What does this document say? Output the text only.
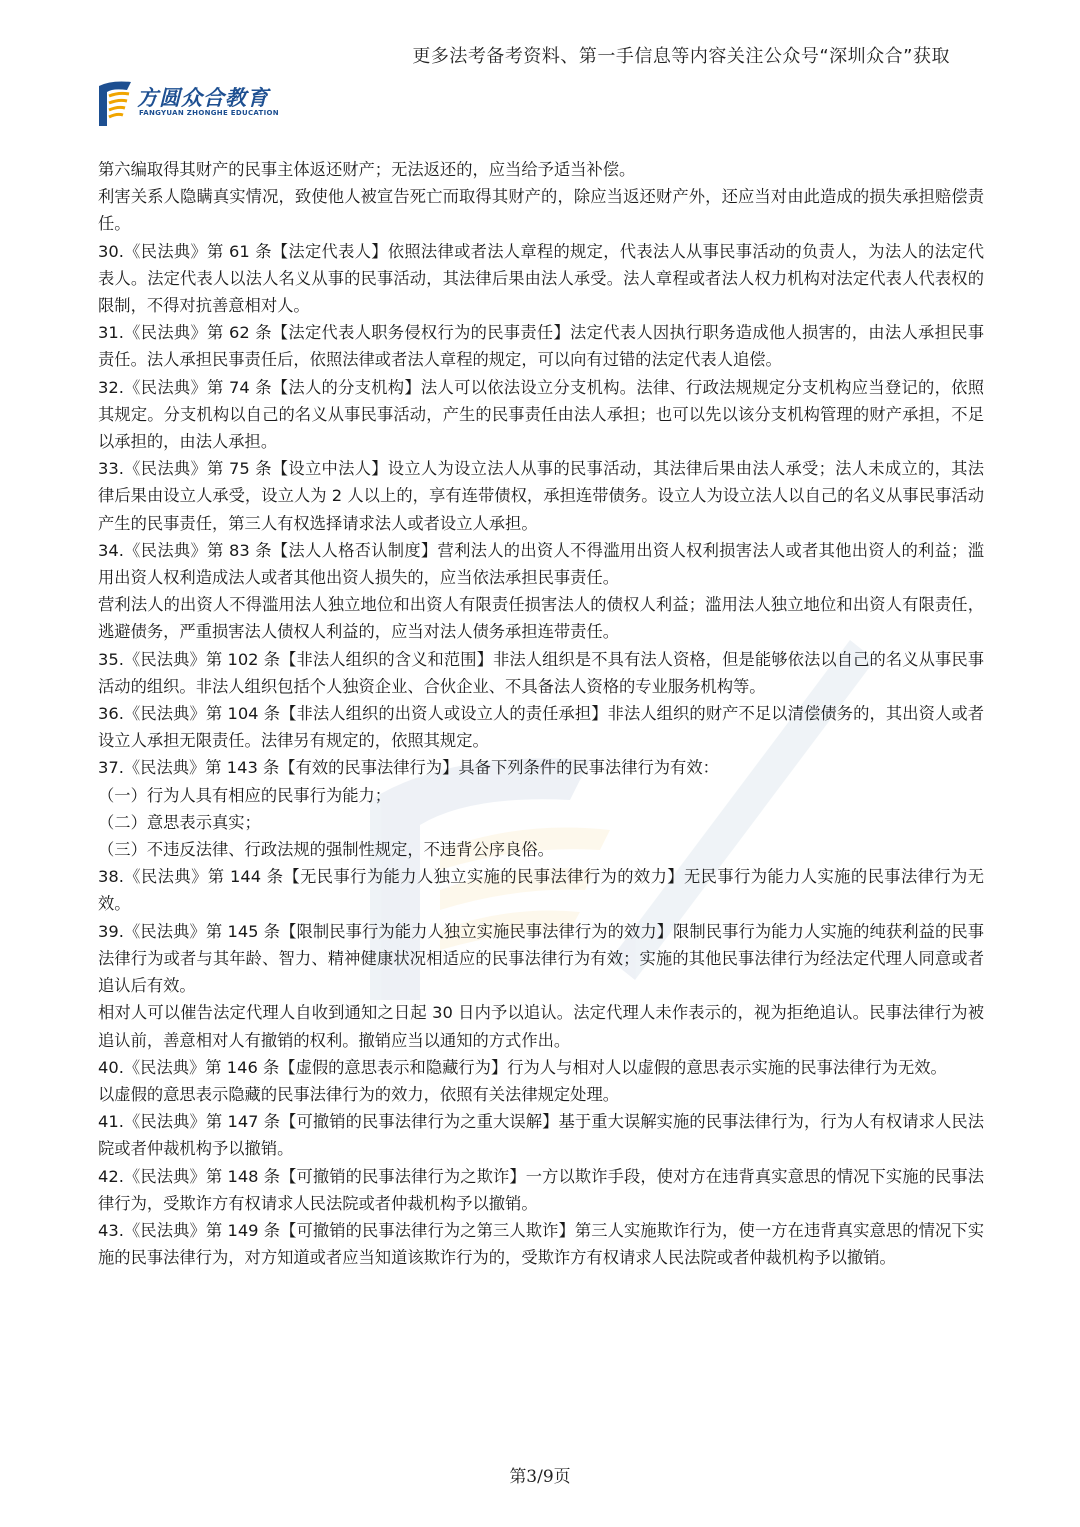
更多法考备考资料、第一手信息等内容关注公众号“深圳众合”获取
方圆众合教育
FANGYUAN ZHONGHE EDUCATION

第六编取得其财产的民事主体返还财产；无法返还的，应当给予适当补偿。

利害关系人隐瞒真实情况，致使他人被宣告死亡而取得其财产的，除应当返还财产外，还应当对由此造成的损失承担赔偿责任。

30.《民法典》第 61 条【法定代表人】依照法律或者法人章程的规定，代表法人从事民事活动的负责人，为法人的法定代表人。法定代表人以法人名义从事的民事活动，其法律后果由法人承受。法人章程或者法人权力机构对法定代表人代表权的限制，不得对抗善意相对人。

31.《民法典》第 62 条【法定代表人职务侵权行为的民事责任】法定代表人因执行职务造成他人损害的，由法人承担民事责任。法人承担民事责任后，依照法律或者法人章程的规定，可以向有过错的法定代表人追偿。

32.《民法典》第 74 条【法人的分支机构】法人可以依法设立分支机构。法律、行政法规规定分支机构应当登记的，依照其规定。分支机构以自己的名义从事民事活动，产生的民事责任由法人承担；也可以先以该分支机构管理的财产承担，不足以承担的，由法人承担。

33.《民法典》第 75 条【设立中法人】设立人为设立法人从事的民事活动，其法律后果由法人承受；法人未成立的，其法律后果由设立人承受，设立人为 2 人以上的，享有连带债权，承担连带债务。设立人为设立法人以自己的名义从事民事活动产生的民事责任，第三人有权选择请求法人或者设立人承担。

34.《民法典》第 83 条【法人人格否认制度】营利法人的出资人不得滥用出资人权利损害法人或者其他出资人的利益；滥用出资人权利造成法人或者其他出资人损失的，应当依法承担民事责任。

营利法人的出资人不得滥用法人独立地位和出资人有限责任损害法人的债权人利益；滥用法人独立地位和出资人有限责任，逃避债务，严重损害法人债权人利益的，应当对法人债务承担连带责任。

35.《民法典》第 102 条【非法人组织的含义和范围】非法人组织是不具有法人资格，但是能够依法以自己的名义从事民事活动的组织。非法人组织包括个人独资企业、合伙企业、不具备法人资格的专业服务机构等。

36.《民法典》第 104 条【非法人组织的出资人或设立人的责任承担】非法人组织的财产不足以清偿债务的，其出资人或者设立人承担无限责任。法律另有规定的，依照其规定。

37.《民法典》第 143 条【有效的民事法律行为】具备下列条件的民事法律行为有效：

（一）行为人具有相应的民事行为能力；

（二）意思表示真实；

（三）不违反法律、行政法规的强制性规定，不违背公序良俗。

38.《民法典》第 144 条【无民事行为能力人独立实施的民事法律行为的效力】无民事行为能力人实施的民事法律行为无效。

39.《民法典》第 145 条【限制民事行为能力人独立实施民事法律行为的效力】限制民事行为能力人实施的纯获利益的民事法律行为或者与其年龄、智力、精神健康状况相适应的民事法律行为有效；实施的其他民事法律行为经法定代理人同意或者追认后有效。

相对人可以催告法定代理人自收到通知之日起 30 日内予以追认。法定代理人未作表示的，视为拒绝追认。民事法律行为被追认前，善意相对人有撤销的权利。撤销应当以通知的方式作出。

40.《民法典》第 146 条【虚假的意思表示和隐藏行为】行为人与相对人以虚假的意思表示实施的民事法律行为无效。

以虚假的意思表示隐藏的民事法律行为的效力，依照有关法律规定处理。

41.《民法典》第 147 条【可撤销的民事法律行为之重大误解】基于重大误解实施的民事法律行为，行为人有权请求人民法院或者仲裁机构予以撤销。

42.《民法典》第 148 条【可撤销的民事法律行为之欺诈】一方以欺诈手段，使对方在违背真实意思的情况下实施的民事法律行为，受欺诈方有权请求人民法院或者仲裁机构予以撤销。

43.《民法典》第 149 条【可撤销的民事法律行为之第三人欺诈】第三人实施欺诈行为，使一方在违背真实意思的情况下实施的民事法律行为，对方知道或者应当知道该欺诈行为的，受欺诈方有权请求人民法院或者仲裁机构予以撤销。

第3/9页
